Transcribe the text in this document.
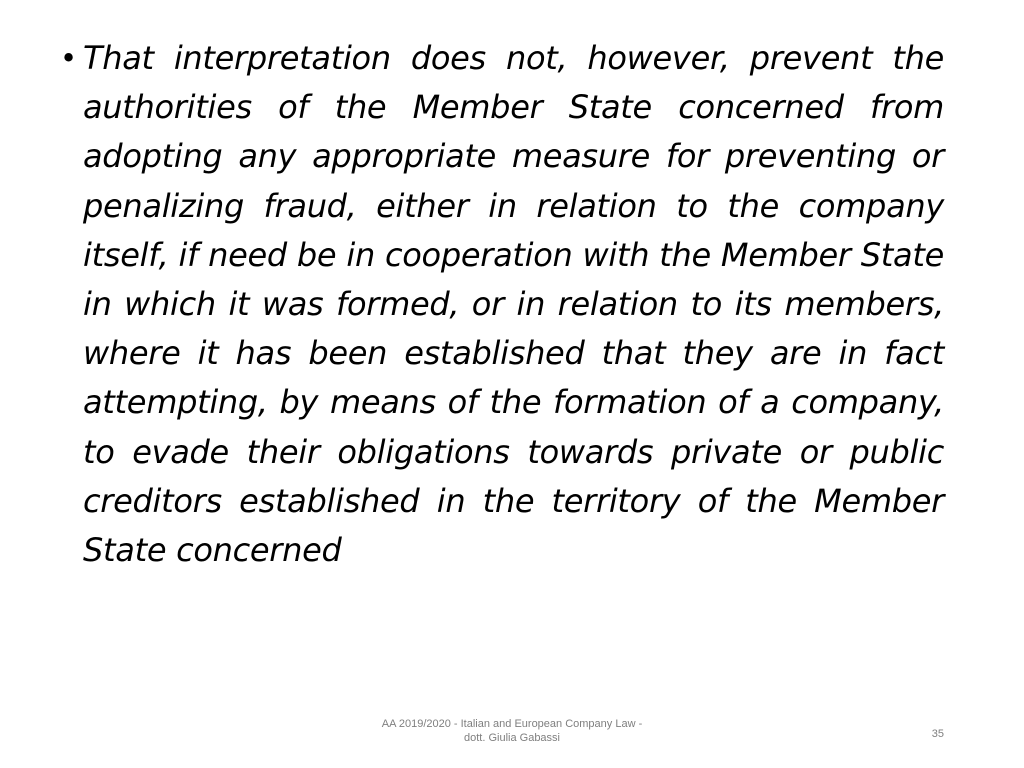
• That interpretation does not, however, prevent the authorities of the Member State concerned from adopting any appropriate measure for preventing or penalizing fraud, either in relation to the company itself, if need be in cooperation with the Member State in which it was formed, or in relation to its members, where it has been established that they are in fact attempting, by means of the formation of a company, to evade their obligations towards private or public creditors established in the territory of the Member State concerned

AA 2019/2020 - Italian and European Company Law -
dott. Giulia Gabassi	35
